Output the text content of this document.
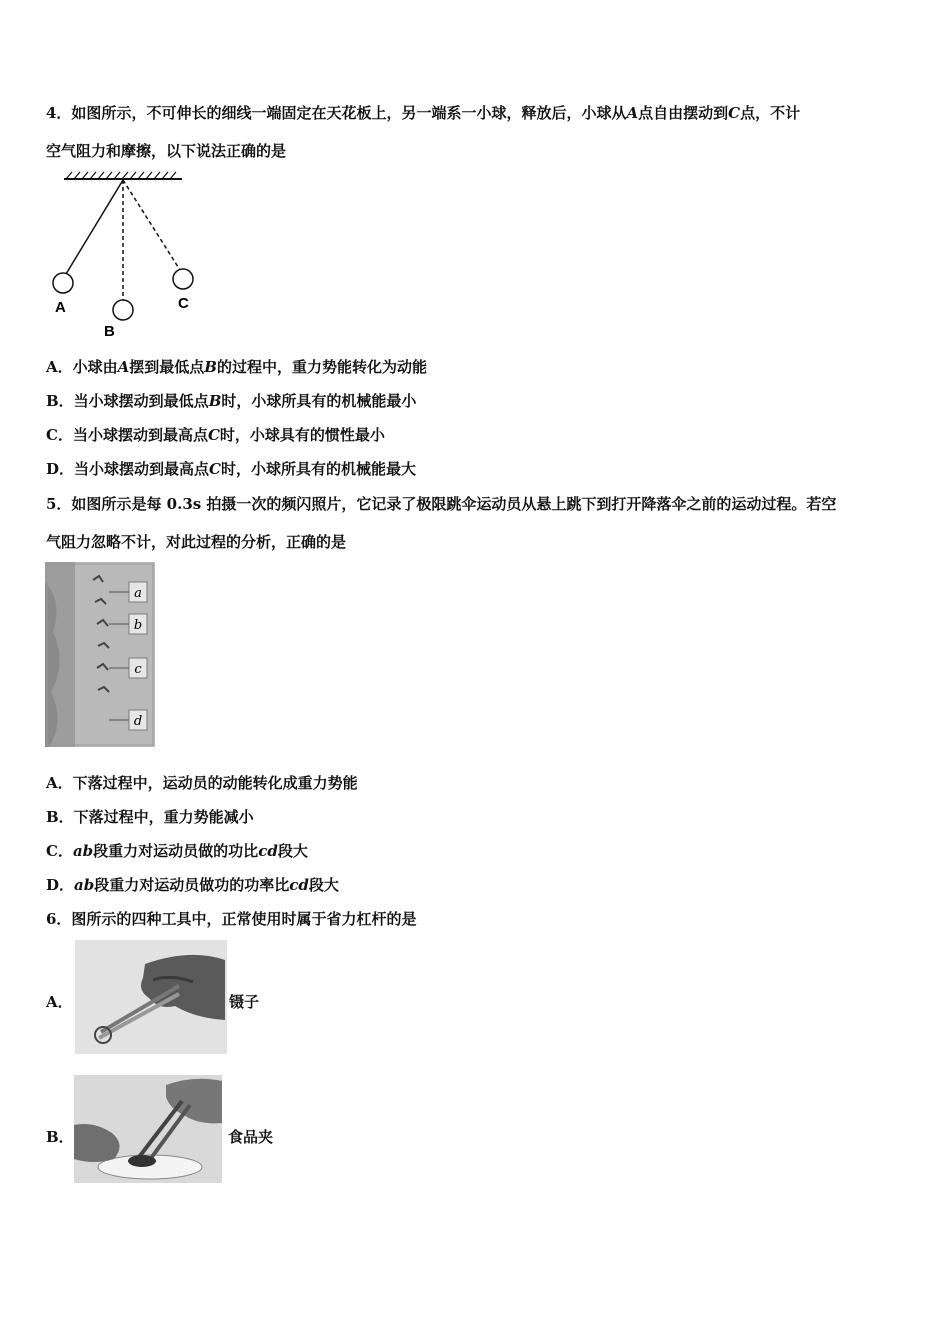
4．如图所示，不可伸长的细线一端固定在天花板上，另一端系一小球，释放后，小球从A点自由摆动到C点，不计
空气阻力和摩擦，以下说法正确的是
A
B
C
A．小球由A摆到最低点B的过程中，重力势能转化为动能
B．当小球摆动到最低点B时，小球所具有的机械能最小
C．当小球摆动到最高点C时，小球具有的惯性最小
D．当小球摆动到最高点C时，小球所具有的机械能最大
5．如图所示是每 0.3s 拍摄一次的频闪照片，它记录了极限跳伞运动员从悬上跳下到打开降落伞之前的运动过程。若空
气阻力忽略不计，对此过程的分析，正确的是
a
b
c
d
A．下落过程中，运动员的动能转化成重力势能
B．下落过程中，重力势能减小
C．ab段重力对运动员做的功比cd段大
D．ab段重力对运动员做功的功率比cd段大
6．图所示的四种工具中，正常使用时属于省力杠杆的是
A．	镊子
B．	食品夹
